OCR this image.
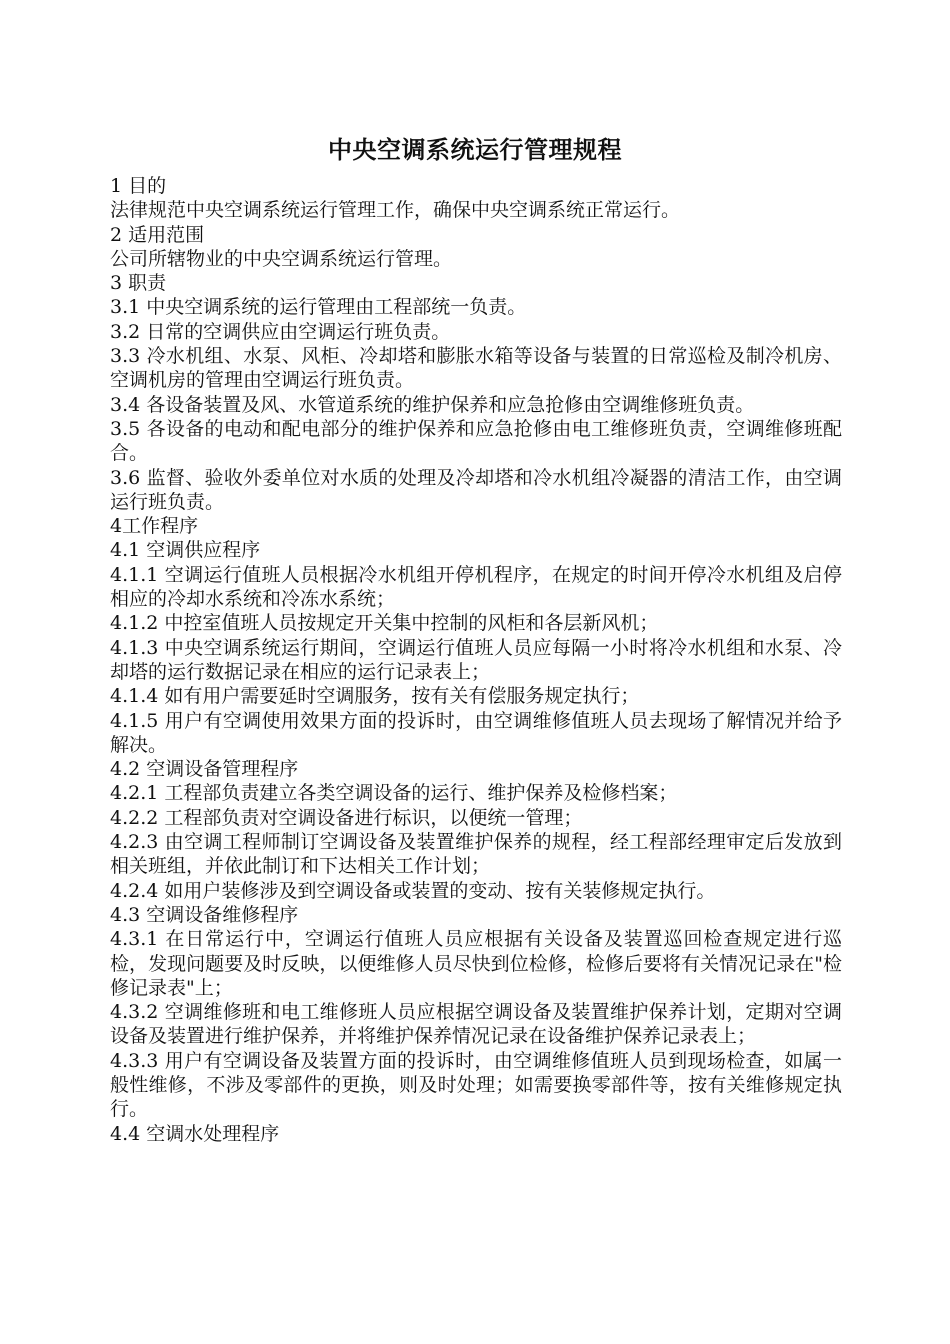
中央空调系统运行管理规程

1 目的

法律规范中央空调系统运行管理工作，确保中央空调系统正常运行。

2 适用范围

公司所辖物业的中央空调系统运行管理。

3 职责

3.1 中央空调系统的运行管理由工程部统一负责。

3.2 日常的空调供应由空调运行班负责。

3.3 冷水机组、水泵、风柜、冷却塔和膨胀水箱等设备与装置的日常巡检及制冷机房、空调机房的管理由空调运行班负责。

3.4 各设备装置及风、水管道系统的维护保养和应急抢修由空调维修班负责。

3.5 各设备的电动和配电部分的维护保养和应急抢修由电工维修班负责，空调维修班配合。

3.6 监督、验收外委单位对水质的处理及冷却塔和冷水机组冷凝器的清洁工作，由空调运行班负责。

4工作程序

4.1 空调供应程序

4.1.1 空调运行值班人员根据冷水机组开停机程序，在规定的时间开停冷水机组及启停相应的冷却水系统和冷冻水系统；

4.1.2 中控室值班人员按规定开关集中控制的风柜和各层新风机；

4.1.3 中央空调系统运行期间，空调运行值班人员应每隔一小时将冷水机组和水泵、冷却塔的运行数据记录在相应的运行记录表上；

4.1.4 如有用户需要延时空调服务，按有关有偿服务规定执行；

4.1.5 用户有空调使用效果方面的投诉时，由空调维修值班人员去现场了解情况并给予解决。

4.2 空调设备管理程序

4.2.1 工程部负责建立各类空调设备的运行、维护保养及检修档案；

4.2.2 工程部负责对空调设备进行标识，以便统一管理；

4.2.3 由空调工程师制订空调设备及装置维护保养的规程，经工程部经理审定后发放到相关班组，并依此制订和下达相关工作计划；

4.2.4 如用户装修涉及到空调设备或装置的变动、按有关装修规定执行。

4.3 空调设备维修程序

4.3.1 在日常运行中，空调运行值班人员应根据有关设备及装置巡回检查规定进行巡检，发现问题要及时反映，以便维修人员尽快到位检修，检修后要将有关情况记录在"检修记录表"上；

4.3.2 空调维修班和电工维修班人员应根据空调设备及装置维护保养计划，定期对空调设备及装置进行维护保养，并将维护保养情况记录在设备维护保养记录表上；

4.3.3 用户有空调设备及装置方面的投诉时，由空调维修值班人员到现场检查，如属一般性维修，不涉及零部件的更换，则及时处理；如需要换零部件等，按有关维修规定执行。

4.4 空调水处理程序
